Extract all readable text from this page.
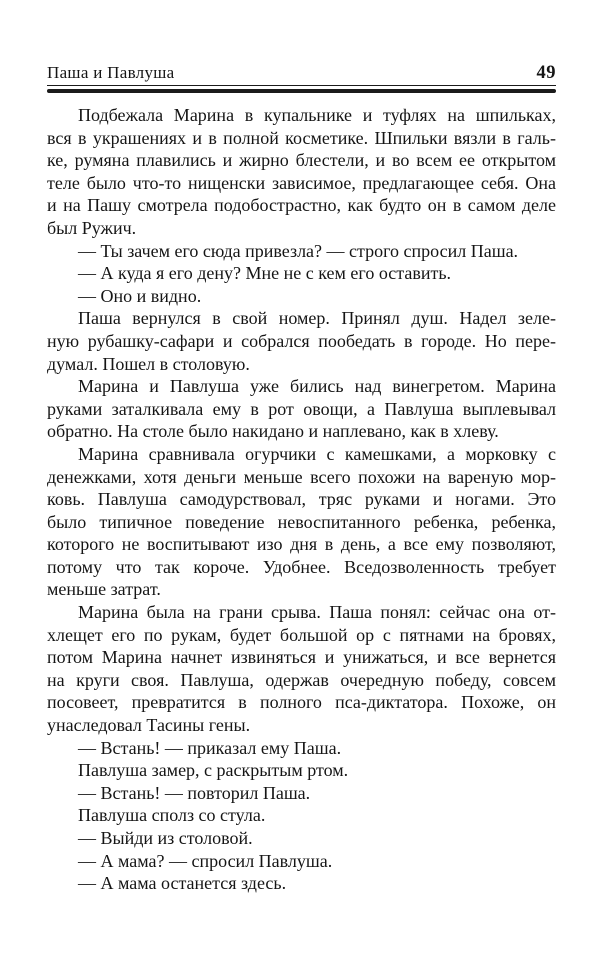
Паша и Павлуша	49
Подбежала Марина в купальнике и туфлях на шпильках,
вся в украшениях и в полной косметике. Шпильки вязли в галь-
ке, румяна плавились и жирно блестели, и во всем ее открытом
теле было что-то нищенски зависимое, предлагающее себя. Она
и на Пашу смотрела подобострастно, как будто он в самом деле
был Ружич.
— Ты зачем его сюда привезла? — строго спросил Паша.
— А куда я его дену? Мне не с кем его оставить.
— Оно и видно.
Паша вернулся в свой номер. Принял душ. Надел зеле-
ную рубашку-сафари и собрался пообедать в городе. Но пере-
думал. Пошел в столовую.
Марина и Павлуша уже бились над винегретом. Марина
руками заталкивала ему в рот овощи, а Павлуша выплевывал
обратно. На столе было накидано и наплевано, как в хлеву.
Марина сравнивала огурчики с камешками, а морковку с
денежками, хотя деньги меньше всего похожи на вареную мор-
ковь. Павлуша самодурствовал, тряс руками и ногами. Это
было типичное поведение невоспитанного ребенка, ребенка,
которого не воспитывают изо дня в день, а все ему позволяют,
потому что так короче. Удобнее. Вседозволенность требует
меньше затрат.
Марина была на грани срыва. Паша понял: сейчас она от-
хлещет его по рукам, будет большой ор с пятнами на бровях,
потом Марина начнет извиняться и унижаться, и все вернется
на круги своя. Павлуша, одержав очередную победу, совсем
посовеет, превратится в полного пса-диктатора. Похоже, он
унаследовал Тасины гены.
— Встань! — приказал ему Паша.
Павлуша замер, с раскрытым ртом.
— Встань! — повторил Паша.
Павлуша сполз со стула.
— Выйди из столовой.
— А мама? — спросил Павлуша.
— А мама останется здесь.
